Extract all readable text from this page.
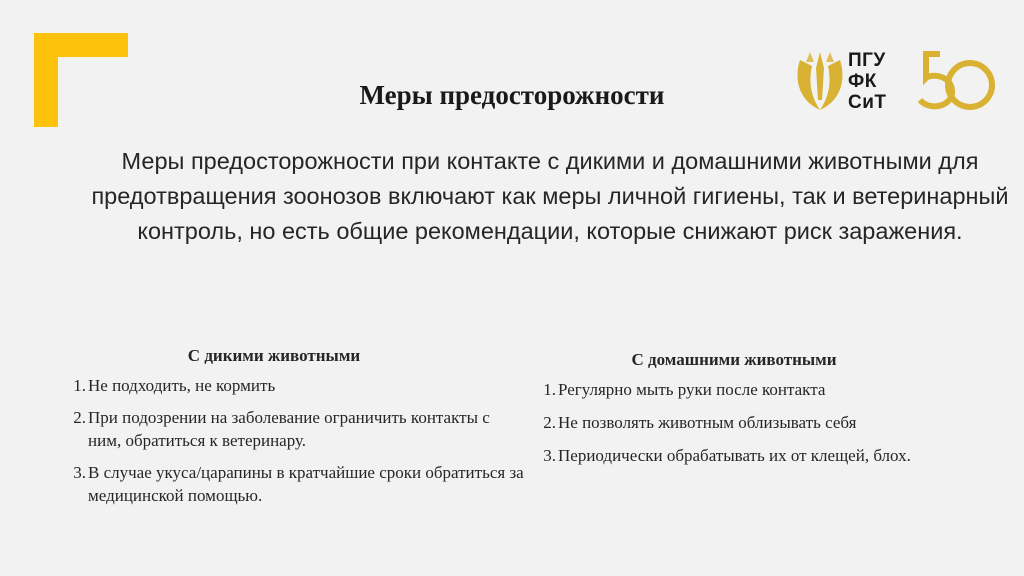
ПГУ
ФК
СиТ
Меры предосторожности

Меры предосторожности при контакте с дикими и домашними животными для предотвращения зоонозов включают как меры личной гигиены, так и ветеринарный контроль, но есть общие рекомендации, которые снижают риск заражения.

С дикими животными
1. Не подходить, не кормить
2. При подозрении на заболевание ограничить контакты с ним, обратиться к ветеринару.
3. В случае укуса/царапины в кратчайшие сроки обратиться за медицинской помощью.
С домашними животными
1. Регулярно мыть руки после контакта
2. Не позволять животным облизывать себя
3. Периодически обрабатывать их от клещей, блох.
